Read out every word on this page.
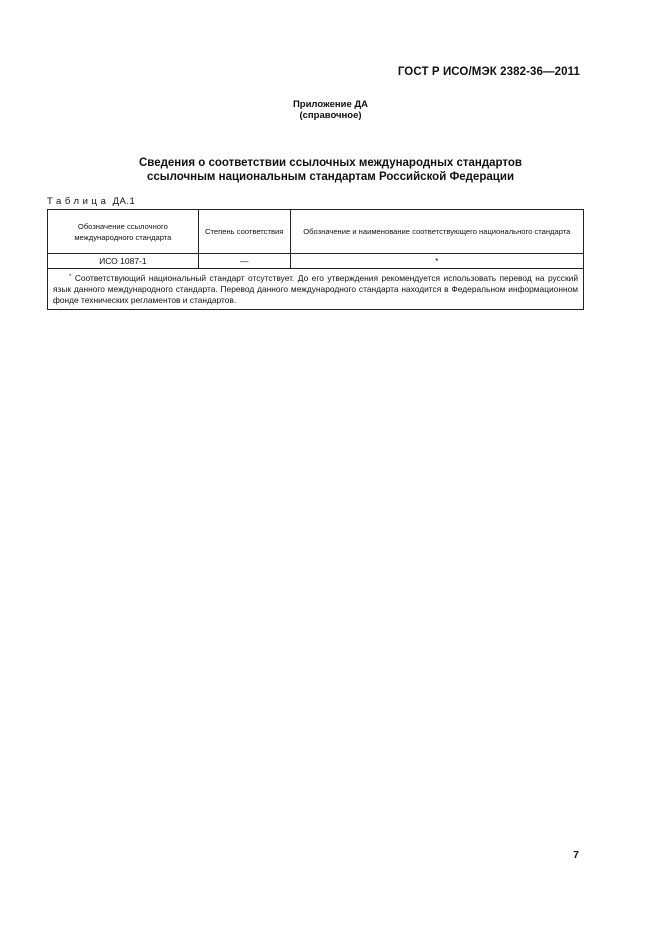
ГОСТ Р ИСО/МЭК 2382-36—2011
Приложение ДА
(справочное)
Сведения о соответствии ссылочных международных стандартов
ссылочным национальным стандартам Российской Федерации
Таблица ДА.1
Обозначение ссылочного международного стандарта	Степень соответствия	Обозначение и наименование соответствующего национального стандарта
ИСО 1087-1	—	*
* Соответствующий национальный стандарт отсутствует. До его утверждения рекомендуется использовать перевод на русский язык данного международного стандарта. Перевод данного международного стандарта находится в Федеральном информационном фонде технических регламентов и стандартов.		
7
